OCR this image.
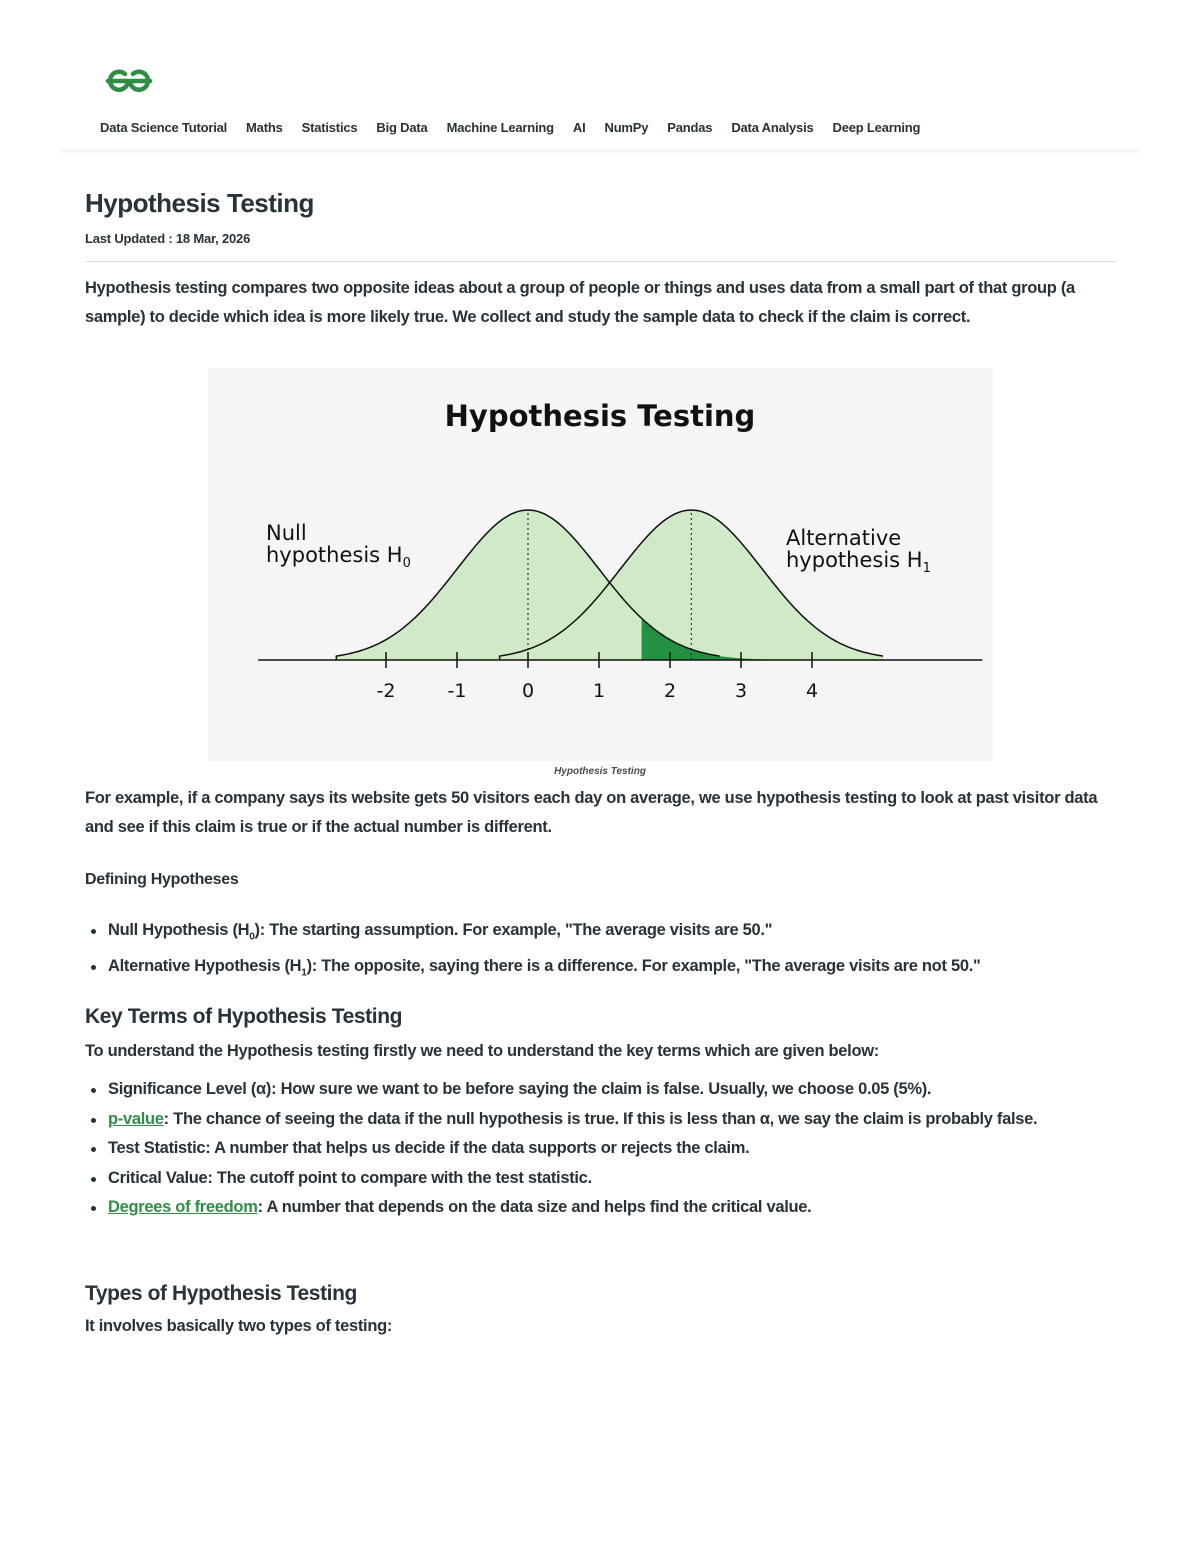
Data Science Tutorial Maths Statistics Big Data Machine Learning AI NumPy Pandas Data Analysis Deep Learning
Hypothesis Testing
Last Updated : 18 Mar, 2026

Hypothesis testing compares two opposite ideas about a group of people or things and uses data from a small part of that group (a sample) to decide which idea is more likely true. We collect and study the sample data to check if the claim is correct.

Hypothesis Testing
-2	-1	0	1	2	3	4
Null
hypothesis $H_0$
Alternative
hypothesis $H_1$
Hypothesis Testing

For example, if a company says its website gets 50 visitors each day on average, we use hypothesis testing to look at past visitor data and see if this claim is true or if the actual number is different.

Defining Hypotheses
Null Hypothesis $(H_0)$: The starting assumption. For example, "The average visits are 50."
Alternative Hypothesis $(H_1)$: The opposite, saying there is a difference. For example, "The average visits are not 50."
Key Terms of Hypothesis Testing

To understand the Hypothesis testing firstly we need to understand the key terms which are given below:

Significance Level (α): How sure we want to be before saying the claim is false. Usually, we choose 0.05 (5%).
p-value: The chance of seeing the data if the null hypothesis is true. If this is less than α, we say the claim is probably false.
Test Statistic: A number that helps us decide if the data supports or rejects the claim.
Critical Value: The cutoff point to compare with the test statistic.
Degrees of freedom: A number that depends on the data size and helps find the critical value.
Types of Hypothesis Testing

It involves basically two types of testing:
